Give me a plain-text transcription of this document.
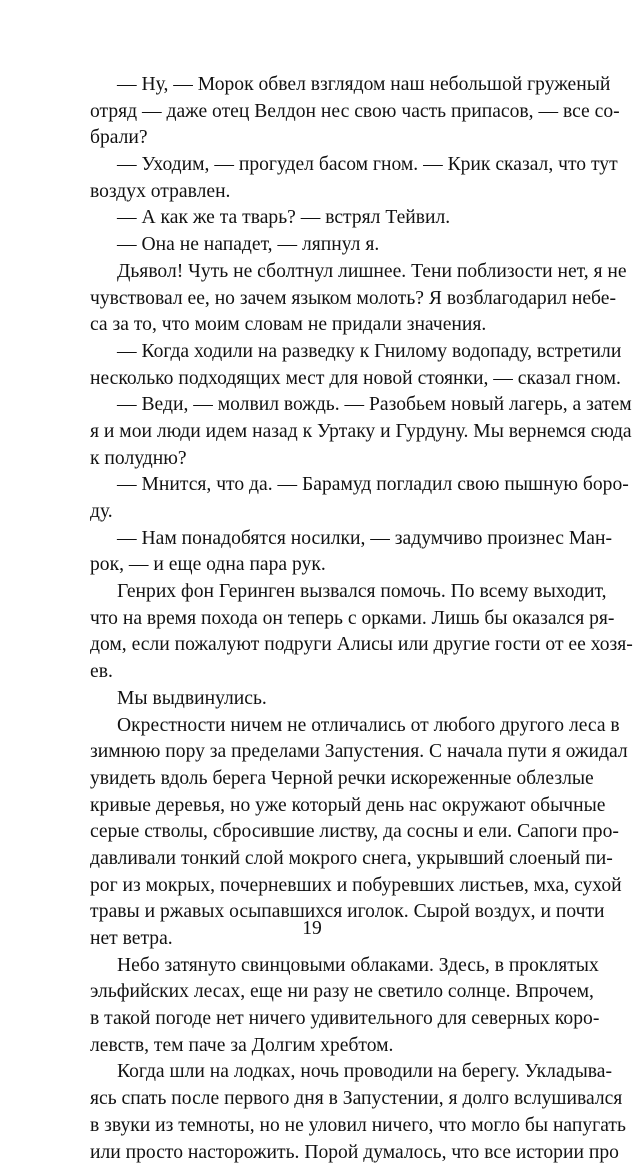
— Ну, — Морок обвел взглядом наш небольшой груженый
отряд — даже отец Велдон нес свою часть припасов, — все со-
брали?
— Уходим, — прогудел басом гном. — Крик сказал, что тут
воздух отравлен.
— А как же та тварь? — встрял Тейвил.
— Она не нападет, — ляпнул я.
Дьявол! Чуть не сболтнул лишнее. Тени поблизости нет, я не
чувствовал ее, но зачем языком молоть? Я возблагодарил небе-
са за то, что моим словам не придали значения.
— Когда ходили на разведку к Гнилому водопаду, встретили
несколько подходящих мест для новой стоянки, — сказал гном.
— Веди, — молвил вождь. — Разобьем новый лагерь, а затем
я и мои люди идем назад к Уртаку и Гурдуну. Мы вернемся сюда
к полудню?
— Мнится, что да. — Барамуд погладил свою пышную боро-
ду.
— Нам понадобятся носилки, — задумчиво произнес Ман-
рок, — и еще одна пара рук.
Генрих фон Геринген вызвался помочь. По всему выходит,
что на время похода он теперь с орками. Лишь бы оказался ря-
дом, если пожалуют подруги Алисы или другие гости от ее хозя-
ев.
Мы выдвинулись.
Окрестности ничем не отличались от любого другого леса в
зимнюю пору за пределами Запустения. С начала пути я ожидал
увидеть вдоль берега Черной речки искореженные облезлые
кривые деревья, но уже который день нас окружают обычные
серые стволы, сбросившие листву, да сосны и ели. Сапоги про-
давливали тонкий слой мокрого снега, укрывший слоеный пи-
рог из мокрых, почерневших и побуревших листьев, мха, сухой
травы и ржавых осыпавшихся иголок. Сырой воздух, и почти
нет ветра.
Небо затянуто свинцовыми облаками. Здесь, в проклятых
эльфийских лесах, еще ни разу не светило солнце. Впрочем,
в такой погоде нет ничего удивительного для северных коро-
левств, тем паче за Долгим хребтом.
Когда шли на лодках, ночь проводили на берегу. Укладыва-
ясь спать после первого дня в Запустении, я долго вслушивался
в звуки из темноты, но не уловил ничего, что могло бы напугать
или просто насторожить. Порой думалось, что все истории про
19
